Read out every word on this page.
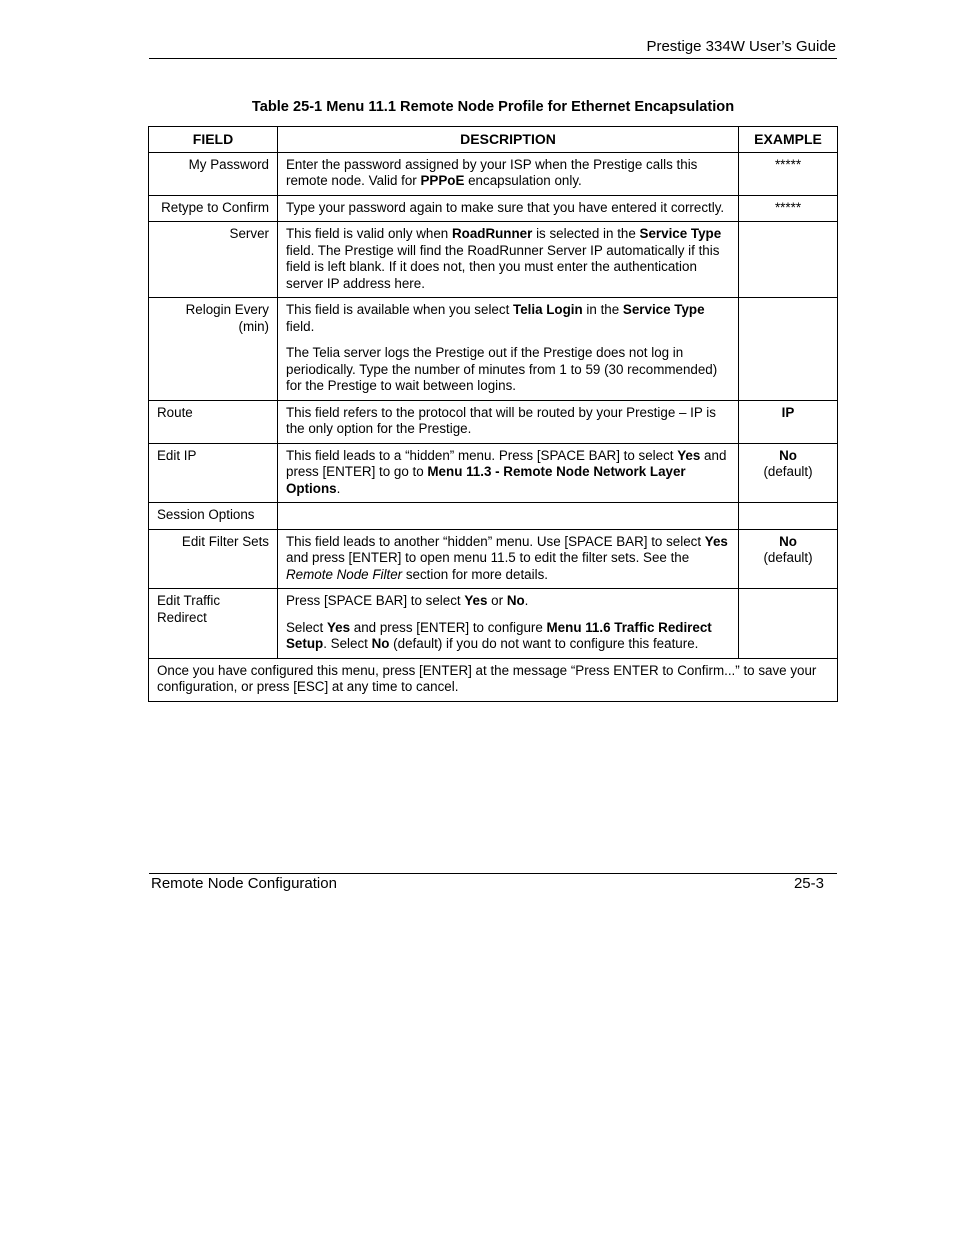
Prestige 334W User’s Guide
Table 25-1 Menu 11.1 Remote Node Profile for Ethernet Encapsulation
FIELD	DESCRIPTION	EXAMPLE
My Password	Enter the password assigned by your ISP when the Prestige calls this remote node. Valid for PPPoE encapsulation only.	*****
Retype to Confirm	Type your password again to make sure that you have entered it correctly.	*****
Server	This field is valid only when RoadRunner is selected in the Service Type field. The Prestige will find the RoadRunner Server IP automatically if this field is left blank. If it does not, then you must enter the authentication server IP address here.	

Relogin Every (min)	This field is available when you select Telia Login in the Service Type field.

The Telia server logs the Prestige out if the Prestige does not log in periodically. Type the number of minutes from 1 to 59 (30 recommended) for the Prestige to wait between logins.	

Route	This field refers to the protocol that will be routed by your Prestige – IP is the only option for the Prestige.	IP
Edit IP	This field leads to a “hidden” menu. Press [SPACE BAR] to select Yes and press [ENTER] to go to Menu 11.3 - Remote Node Network Layer Options.	No
(default)
Session Options		
Edit Filter Sets	This field leads to another “hidden” menu. Use [SPACE BAR] to select Yes and press [ENTER] to open menu 11.5 to edit the filter sets. See the Remote Node Filter section for more details.	No
(default)
Edit Traffic Redirect	Press [SPACE BAR] to select Yes or No.

Select Yes and press [ENTER] to configure Menu 11.6 Traffic Redirect Setup. Select No (default) if you do not want to configure this feature.	

Once you have configured this menu, press [ENTER] at the message “Press ENTER to Confirm...” to save your configuration, or press [ESC] at any time to cancel.		
Remote Node Configuration	25-3
